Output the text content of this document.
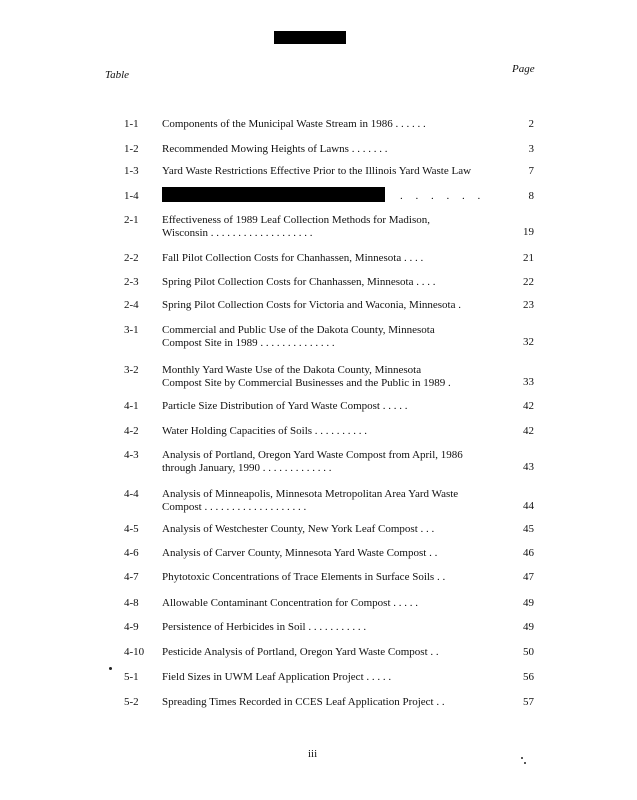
Table	Page
1-1	Components of the Municipal Waste Stream in 1986 . . . . . .	2
1-2	Recommended Mowing Heights of Lawns . . . . . . .	3
1-3	Yard Waste Restrictions Effective Prior to the Illinois Yard Waste Law	7
1-4	. . . . . .	8
2-1	Effectiveness of 1989 Leaf Collection Methods for Madison,
Wisconsin . . . . . . . . . . . . . . . . . . .	19
2-2	Fall Pilot Collection Costs for Chanhassen, Minnesota . . . .	21
2-3	Spring Pilot Collection Costs for Chanhassen, Minnesota . . . .	22
2-4	Spring Pilot Collection Costs for Victoria and Waconia, Minnesota .	23
3-1	Commercial and Public Use of the Dakota County, Minnesota
Compost Site in 1989 . . . . . . . . . . . . . .	32
3-2	Monthly Yard Waste Use of the Dakota County, Minnesota
Compost Site by Commercial Businesses and the Public in 1989 .	33
4-1	Particle Size Distribution of Yard Waste Compost . . . . .	42
4-2	Water Holding Capacities of Soils . . . . . . . . . .	42
4-3	Analysis of Portland, Oregon Yard Waste Compost from April, 1986
through January, 1990 . . . . . . . . . . . . .	43
4-4	Analysis of Minneapolis, Minnesota Metropolitan Area Yard Waste
Compost . . . . . . . . . . . . . . . . . . .	44
4-5	Analysis of Westchester County, New York Leaf Compost . . .	45
4-6	Analysis of Carver County, Minnesota Yard Waste Compost . .	46
4-7	Phytotoxic Concentrations of Trace Elements in Surface Soils . .	47
4-8	Allowable Contaminant Concentration for Compost . . . . .	49
4-9	Persistence of Herbicides in Soil . . . . . . . . . . .	49
4-10	Pesticide Analysis of Portland, Oregon Yard Waste Compost . .	50
5-1	Field Sizes in UWM Leaf Application Project . . . . .	56
5-2	Spreading Times Recorded in CCES Leaf Application Project . .	57
iii
